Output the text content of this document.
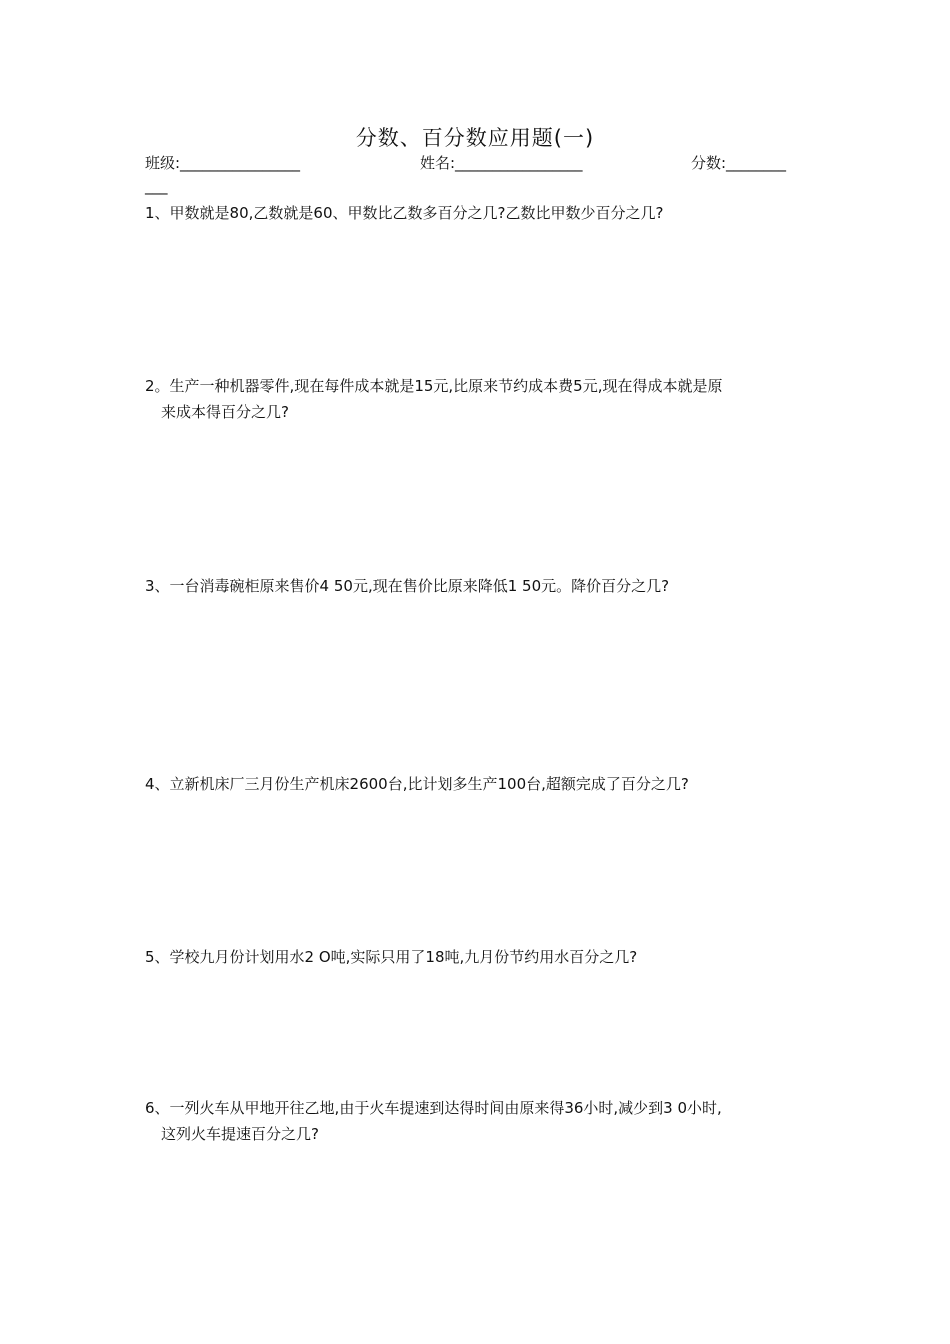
分数、百分数应用题(一)
班级:________________	姓名:_________________	分数:________
___
1、甲数就是80,乙数就是60、甲数比乙数多百分之几?乙数比甲数少百分之几?
2。生产一种机器零件,现在每件成本就是15元,比原来节约成本费5元,现在得成本就是原
来成本得百分之几?
3、一台消毒碗柜原来售价4 50元,现在售价比原来降低1 50元。降价百分之几?
4、立新机床厂三月份生产机床2600台,比计划多生产100台,超额完成了百分之几?
5、学校九月份计划用水2 O吨,实际只用了18吨,九月份节约用水百分之几?
6、一列火车从甲地开往乙地,由于火车提速到达得时间由原来得36小时,减少到3 0小时,
这列火车提速百分之几?
